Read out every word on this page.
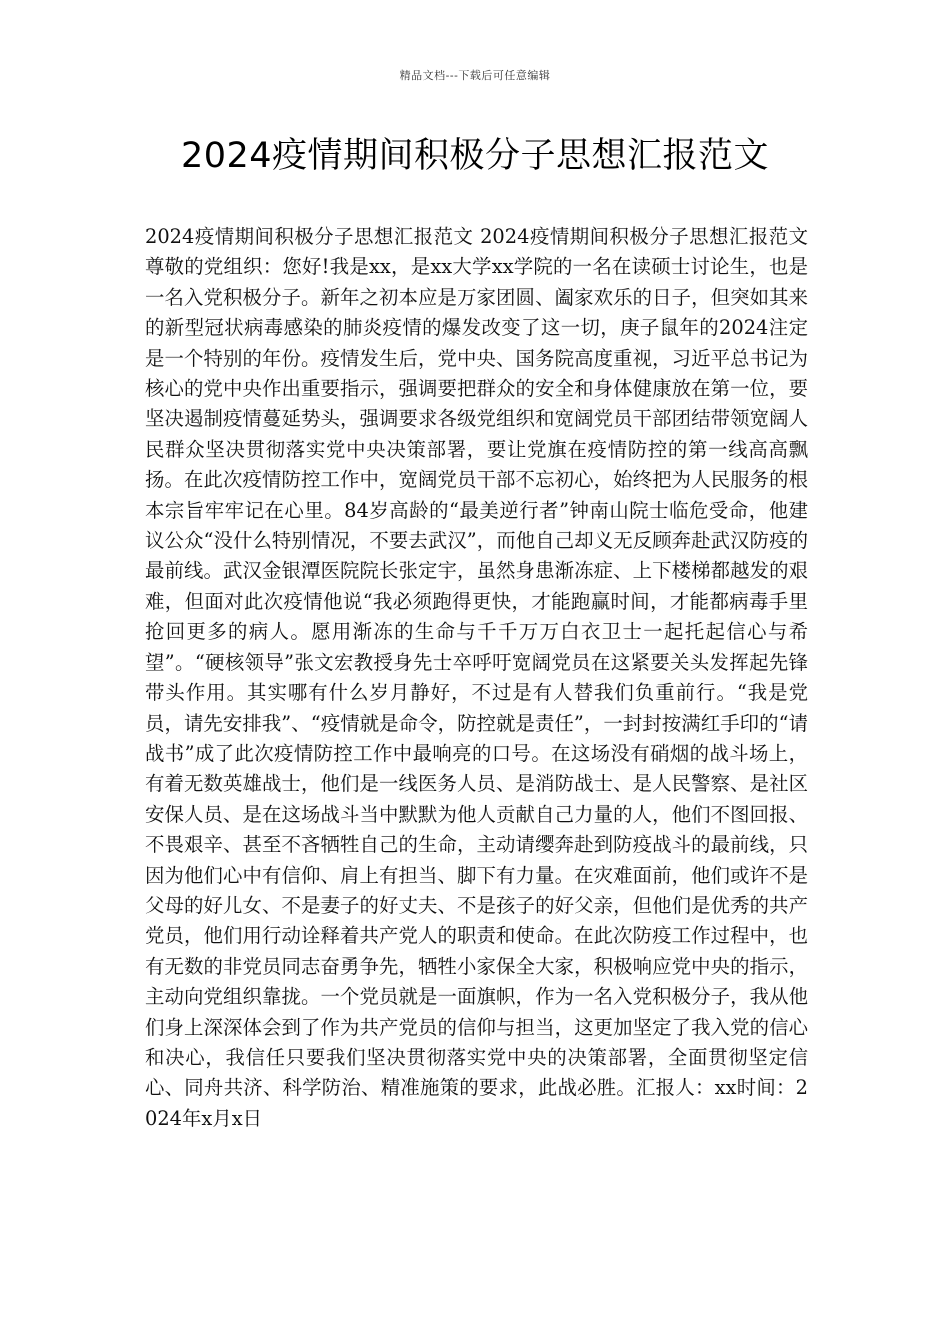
精品文档---下载后可任意编辑
2024疫情期间积极分子思想汇报范文

2024疫情期间积极分子思想汇报范文 2024疫情期间积极分子思想汇报范文尊敬的党组织：您好!我是xx，是xx大学xx学院的一名在读硕士讨论生，也是一名入党积极分子。新年之初本应是万家团圆、阖家欢乐的日子，但突如其来的新型冠状病毒感染的肺炎疫情的爆发改变了这一切，庚子鼠年的2024注定是一个特别的年份。疫情发生后，党中央、国务院高度重视，习近平总书记为核心的党中央作出重要指示，强调要把群众的安全和身体健康放在第一位，要坚决遏制疫情蔓延势头，强调要求各级党组织和宽阔党员干部团结带领宽阔人民群众坚决贯彻落实党中央决策部署，要让党旗在疫情防控的第一线高高飘扬。在此次疫情防控工作中，宽阔党员干部不忘初心，始终把为人民服务的根本宗旨牢牢记在心里。84岁高龄的“最美逆行者”钟南山院士临危受命，他建议公众“没什么特别情况，不要去武汉”，而他自己却义无反顾奔赴武汉防疫的最前线。武汉金银潭医院院长张定宇，虽然身患渐冻症、上下楼梯都越发的艰难，但面对此次疫情他说“我必须跑得更快，才能跑赢时间，才能都病毒手里抢回更多的病人。愿用渐冻的生命与千千万万白衣卫士一起托起信心与希望”。“硬核领导”张文宏教授身先士卒呼吁宽阔党员在这紧要关头发挥起先锋带头作用。其实哪有什么岁月静好，不过是有人替我们负重前行。“我是党员，请先安排我”、“疫情就是命令，防控就是责任”，一封封按满红手印的“请战书”成了此次疫情防控工作中最响亮的口号。在这场没有硝烟的战斗场上，有着无数英雄战士，他们是一线医务人员、是消防战士、是人民警察、是社区安保人员、是在这场战斗当中默默为他人贡献自己力量的人，他们不图回报、不畏艰辛、甚至不吝牺牲自己的生命，主动请缨奔赴到防疫战斗的最前线，只因为他们心中有信仰、肩上有担当、脚下有力量。在灾难面前，他们或许不是父母的好儿女、不是妻子的好丈夫、不是孩子的好父亲，但他们是优秀的共产党员，他们用行动诠释着共产党人的职责和使命。在此次防疫工作过程中，也有无数的非党员同志奋勇争先，牺牲小家保全大家，积极响应党中央的指示，主动向党组织靠拢。一个党员就是一面旗帜，作为一名入党积极分子，我从他们身上深深体会到了作为共产党员的信仰与担当，这更加坚定了我入党的信心和决心，我信任只要我们坚决贯彻落实党中央的决策部署，全面贯彻坚定信心、同舟共济、科学防治、精准施策的要求，此战必胜。汇报人：xx时间：2024年x月x日
